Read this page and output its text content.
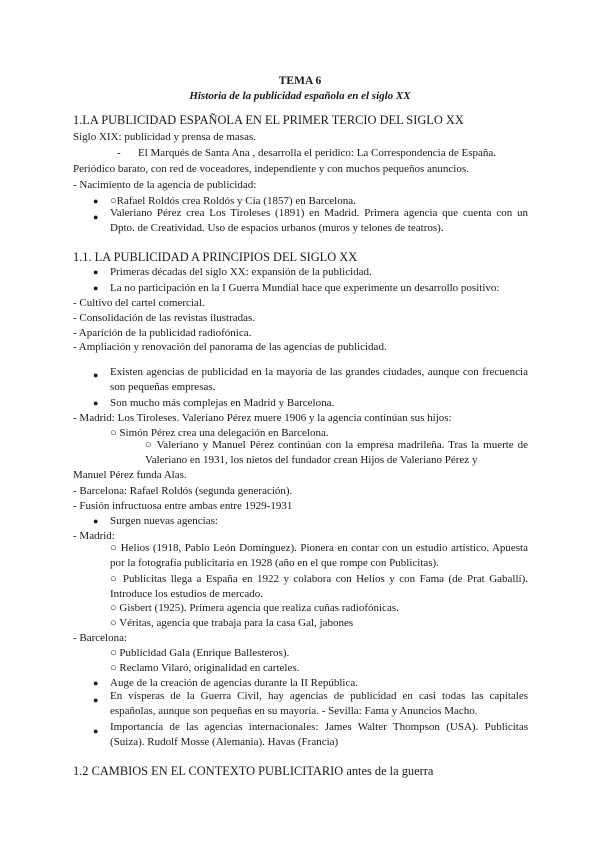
TEMA 6
Historia de la publicidad española en el siglo XX
1.LA PUBLICIDAD ESPAÑOLA EN EL PRIMER TERCIO DEL SIGLO XX
Siglo XIX: publicidad y prensa de masas.
- El Marqués de Santa Ana , desarrolla el peridico: La Correspondencia de España.
Periódico barato, con red de voceadores, independiente y con muchos pequeños anuncios.
- Nacimiento de la agencia de publicidad:
● ○Rafael Roldós crea Roldós y Cía (1857) en Barcelona.
● Valeriano Pérez crea Los Tiroleses (1891) en Madrid. Primera agencia que cuenta con un Dpto. de Creatividad. Uso de espacios urbanos (muros y telones de teatros).
1.1. LA PUBLICIDAD A PRINCIPIOS DEL SIGLO XX
● Primeras décadas del siglo XX: expansión de la publicidad.
● La no participación en la I Guerra Mundial hace que experimente un desarrollo positivo:
- Cultivo del cartel comercial.
- Consolidación de las revistas ilustradas.
- Aparición de la publicidad radiofónica.
- Ampliación y renovación del panorama de las agencias de publicidad.
● Existen agencias de publicidad en la mayoría de las grandes ciudades, aunque con frecuencia son pequeñas empresas.
● Son mucho más complejas en Madrid y Barcelona.
- Madrid: Los Tiroleses. Valeriano Pérez muere 1906 y la agencia continúan sus hijos:
○ Simón Pérez crea una delegación en Barcelona.
○ Valeriano y Manuel Pérez continúan con la empresa madrileña. Tras la muerte de Valeriano en 1931, los nietos del fundador crean Hijos de Valeriano Pérez y
Manuel Pérez funda Alas.
- Barcelona: Rafael Roldós (segunda generación).
- Fusión infructuosa entre ambas entre 1929-1931
● Surgen nuevas agencias:
- Madrid:
○ Helios (1918, Pablo León Domínguez). Pionera en contar con un estudio artístico. Apuesta por la fotografía publicitaria en 1928 (año en el que rompe con Publicitas).
○ Publicitas llega a España en 1922 y colabora con Helios y con Fama (de Prat Gaballí). Introduce los estudios de mercado.
○ Gisbert (1925). Primera agencia que realiza cuñas radiofónicas.
○ Véritas, agencia que trabaja para la casa Gal, jabones
- Barcelona:
○ Publicidad Gala (Enrique Ballesteros).
○ Reclamo Vilaró, originalidad en carteles.
● Auge de la creación de agencias durante la II República.
● En vísperas de la Guerra Civil, hay agencias de publicidad en casi todas las capitales españolas, aunque son pequeñas en su mayoría. - Sevilla: Fama y Anuncios Macho.
● Importancia de las agencias internacionales: James Walter Thompson (USA). Publicitas (Suiza). Rudolf Mosse (Alemania). Havas (Francia)
1.2 CAMBIOS EN EL CONTEXTO PUBLICITARIO antes de la guerra
